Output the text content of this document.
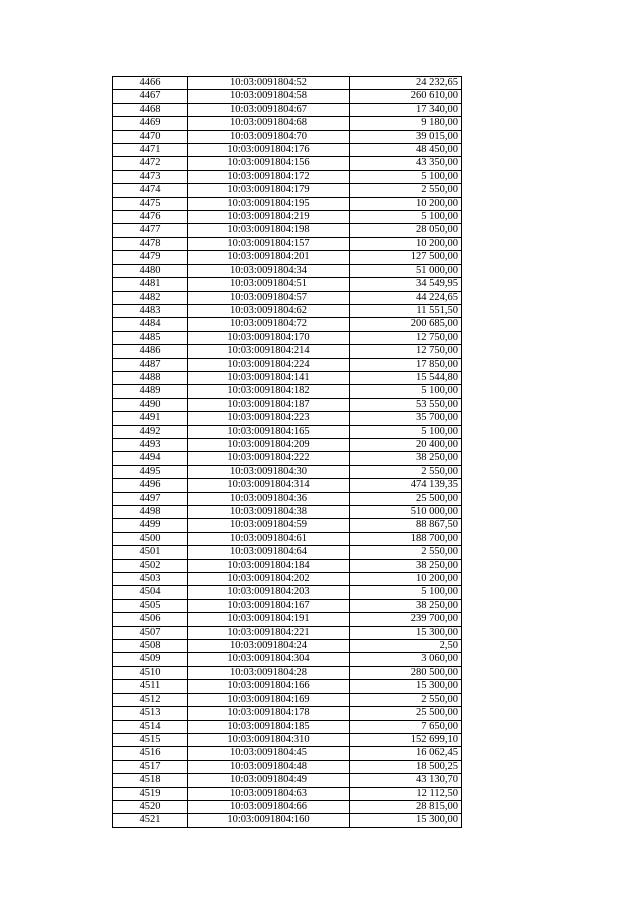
4466	10:03:0091804:52	24 232,65
4467	10:03:0091804:58	260 610,00
4468	10:03:0091804:67	17 340,00
4469	10:03:0091804:68	9 180,00
4470	10:03:0091804:70	39 015,00
4471	10:03:0091804:176	48 450,00
4472	10:03:0091804:156	43 350,00
4473	10:03:0091804:172	5 100,00
4474	10:03:0091804:179	2 550,00
4475	10:03:0091804:195	10 200,00
4476	10:03:0091804:219	5 100,00
4477	10:03:0091804:198	28 050,00
4478	10:03:0091804:157	10 200,00
4479	10:03:0091804:201	127 500,00
4480	10:03:0091804:34	51 000,00
4481	10:03:0091804:51	34 549,95
4482	10:03:0091804:57	44 224,65
4483	10:03:0091804:62	11 551,50
4484	10:03:0091804:72	200 685,00
4485	10:03:0091804:170	12 750,00
4486	10:03:0091804:214	12 750,00
4487	10:03:0091804:224	17 850,00
4488	10:03:0091804:141	15 544,80
4489	10:03:0091804:182	5 100,00
4490	10:03:0091804:187	53 550,00
4491	10:03:0091804:223	35 700,00
4492	10:03:0091804:165	5 100,00
4493	10:03:0091804:209	20 400,00
4494	10:03:0091804:222	38 250,00
4495	10:03:0091804:30	2 550,00
4496	10:03:0091804:314	474 139,35
4497	10:03:0091804:36	25 500,00
4498	10:03:0091804:38	510 000,00
4499	10:03:0091804:59	88 867,50
4500	10:03:0091804:61	188 700,00
4501	10:03:0091804:64	2 550,00
4502	10:03:0091804:184	38 250,00
4503	10:03:0091804:202	10 200,00
4504	10:03:0091804:203	5 100,00
4505	10:03:0091804:167	38 250,00
4506	10:03:0091804:191	239 700,00
4507	10:03:0091804:221	15 300,00
4508	10:03:0091804:24	2,50
4509	10:03:0091804:304	3 060,00
4510	10:03:0091804:28	280 500,00
4511	10:03:0091804:166	15 300,00
4512	10:03:0091804:169	2 550,00
4513	10:03:0091804:178	25 500,00
4514	10:03:0091804:185	7 650,00
4515	10:03:0091804:310	152 699,10
4516	10:03:0091804:45	16 062,45
4517	10:03:0091804:48	18 500,25
4518	10:03:0091804:49	43 130,70
4519	10:03:0091804:63	12 112,50
4520	10:03:0091804:66	28 815,00
4521	10:03:0091804:160	15 300,00
